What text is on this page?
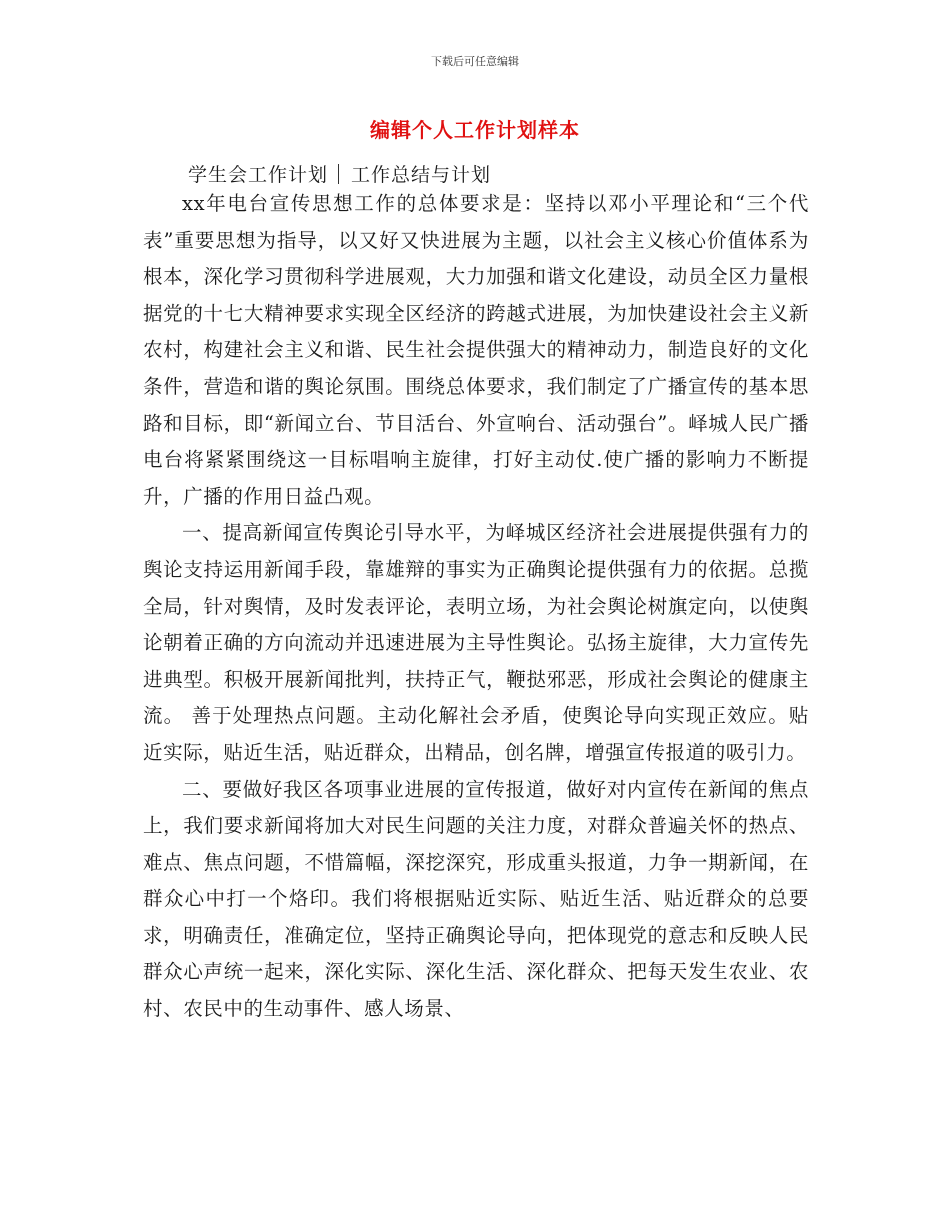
下载后可任意编辑
编辑个人工作计划样本
学生会工作计划 工作总结与计划

xx年电台宣传思想工作的总体要求是：坚持以邓小平理论和“三个代表”重要思想为指导，以又好又快进展为主题，以社会主义核心价值体系为根本，深化学习贯彻科学进展观，大力加强和谐文化建设，动员全区力量根据党的十七大精神要求实现全区经济的跨越式进展，为加快建设社会主义新农村，构建社会主义和谐、民生社会提供强大的精神动力，制造良好的文化条件，营造和谐的舆论氛围。围绕总体要求，我们制定了广播宣传的基本思路和目标，即“新闻立台、节目活台、外宣响台、活动强台”。峄城人民广播电台将紧紧围绕这一目标唱响主旋律，打好主动仗.使广播的影响力不断提升，广播的作用日益凸观。

一、提高新闻宣传舆论引导水平，为峄城区经济社会进展提供强有力的舆论支持运用新闻手段，靠雄辩的事实为正确舆论提供强有力的依据。总揽全局，针对舆情，及时发表评论，表明立场，为社会舆论树旗定向，以使舆论朝着正确的方向流动并迅速进展为主导性舆论。弘扬主旋律，大力宣传先进典型。积极开展新闻批判，扶持正气，鞭挞邪恶，形成社会舆论的健康主流。 善于处理热点问题。主动化解社会矛盾，使舆论导向实现正效应。贴近实际，贴近生活，贴近群众，出精品，创名牌，增强宣传报道的吸引力。

二、要做好我区各项事业进展的宣传报道，做好对内宣传在新闻的焦点上，我们要求新闻将加大对民生问题的关注力度，对群众普遍关怀的热点、难点、焦点问题，不惜篇幅，深挖深究，形成重头报道，力争一期新闻，在群众心中打一个烙印。我们将根据贴近实际、贴近生活、贴近群众的总要求，明确责任，准确定位，坚持正确舆论导向，把体现党的意志和反映人民群众心声统一起来，深化实际、深化生活、深化群众、把每天发生农业、农村、农民中的生动事件、感人场景、
